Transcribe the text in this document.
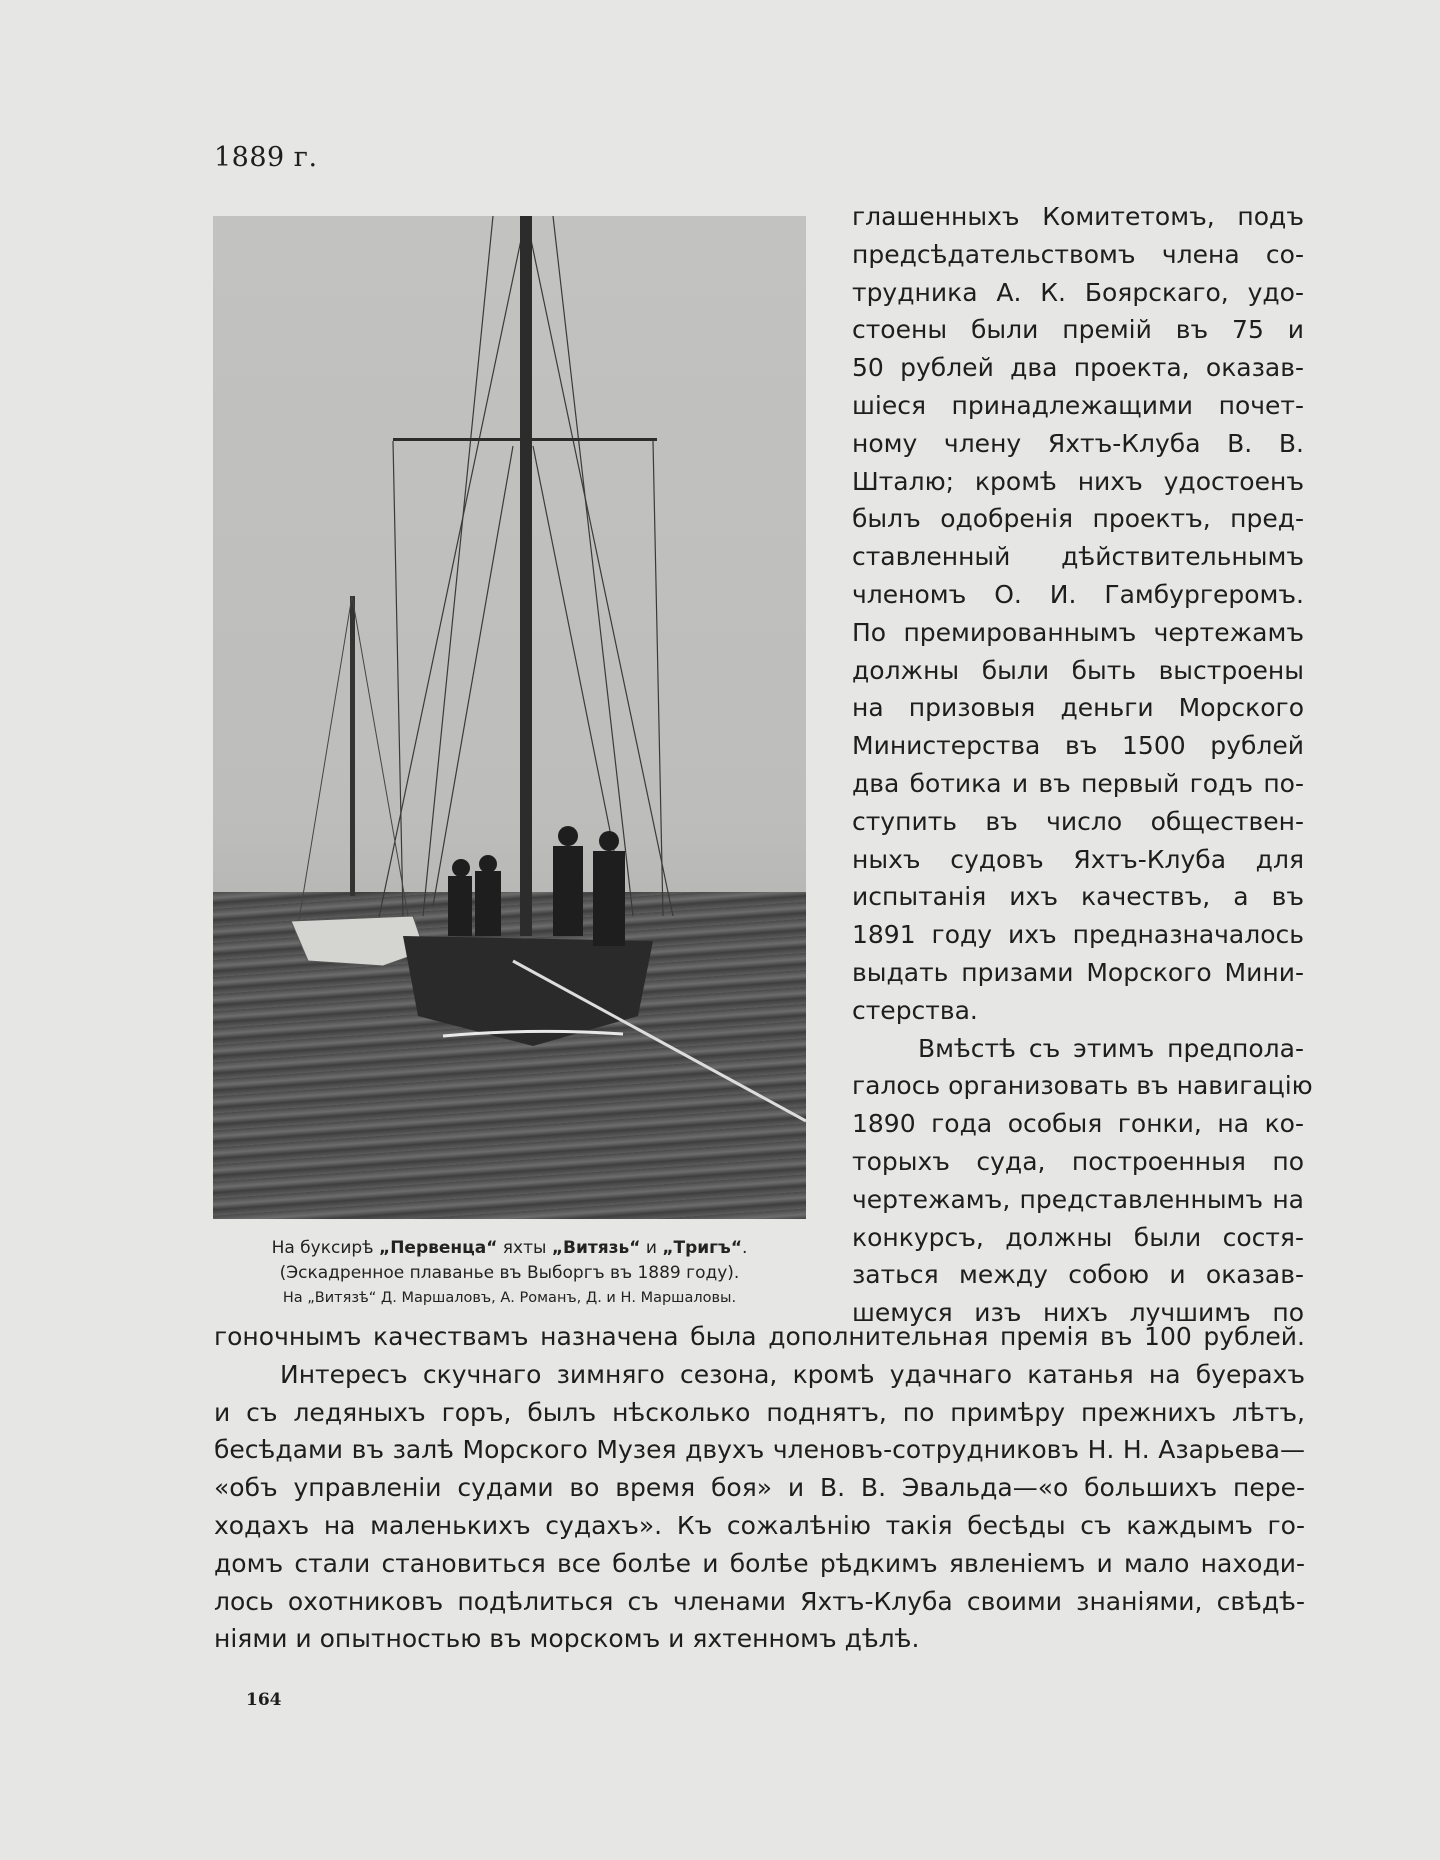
1889 г.
На буксирѣ „Первенца“ яхты „Витязь“ и „Тригъ“.
(Эскадренное плаванье въ Выборгъ въ 1889 году).
На „Витязѣ“ Д. Маршаловъ, А. Романъ, Д. и Н. Маршаловы.
глашенныхъ Комитетомъ, подъ
предсѣдательствомъ члена со-
трудника А. К. Боярскаго, удо-
стоены были премій въ 75 и
50 рублей два проекта, оказав-
шіеся принадлежащими почет-
ному члену Яхтъ-Клуба В. В.
Шталю; кромѣ нихъ удостоенъ
былъ одобренія проектъ, пред-
ставленный дѣйствительнымъ
членомъ О. И. Гамбургеромъ.
По премированнымъ чертежамъ
должны были быть выстроены
на призовыя деньги Морского
Министерства въ 1500 рублей
два ботика и въ первый годъ по-
ступить въ число обществен-
ныхъ судовъ Яхтъ-Клуба для
испытанія ихъ качествъ, а въ
1891 году ихъ предназначалось
выдать призами Морского Мини-
стерства.
Вмѣстѣ съ этимъ предпола-
галось организовать въ навигацію
1890 года особыя гонки, на ко-
торыхъ суда, построенныя по
чертежамъ, представленнымъ на
конкурсъ, должны были состя-
заться между собою и оказав-
шемуся изъ нихъ лучшимъ по
гоночнымъ качествамъ назначена была дополнительная премія въ 100 рублей.
Интересъ скучнаго зимняго сезона, кромѣ удачнаго катанья на буерахъ
и съ ледяныхъ горъ, былъ нѣсколько поднятъ, по примѣру прежнихъ лѣтъ,
бесѣдами въ залѣ Морского Музея двухъ членовъ-сотрудниковъ Н. Н. Азарьева—
«объ управленіи судами во время боя» и В. В. Эвальда—«о большихъ пере-
ходахъ на маленькихъ судахъ». Къ сожалѣнію такія бесѣды съ каждымъ го-
домъ стали становиться все болѣе и болѣе рѣдкимъ явленіемъ и мало находи-
лось охотниковъ подѣлиться съ членами Яхтъ-Клуба своими знаніями, свѣдѣ-
ніями и опытностью въ морскомъ и яхтенномъ дѣлѣ.
164
